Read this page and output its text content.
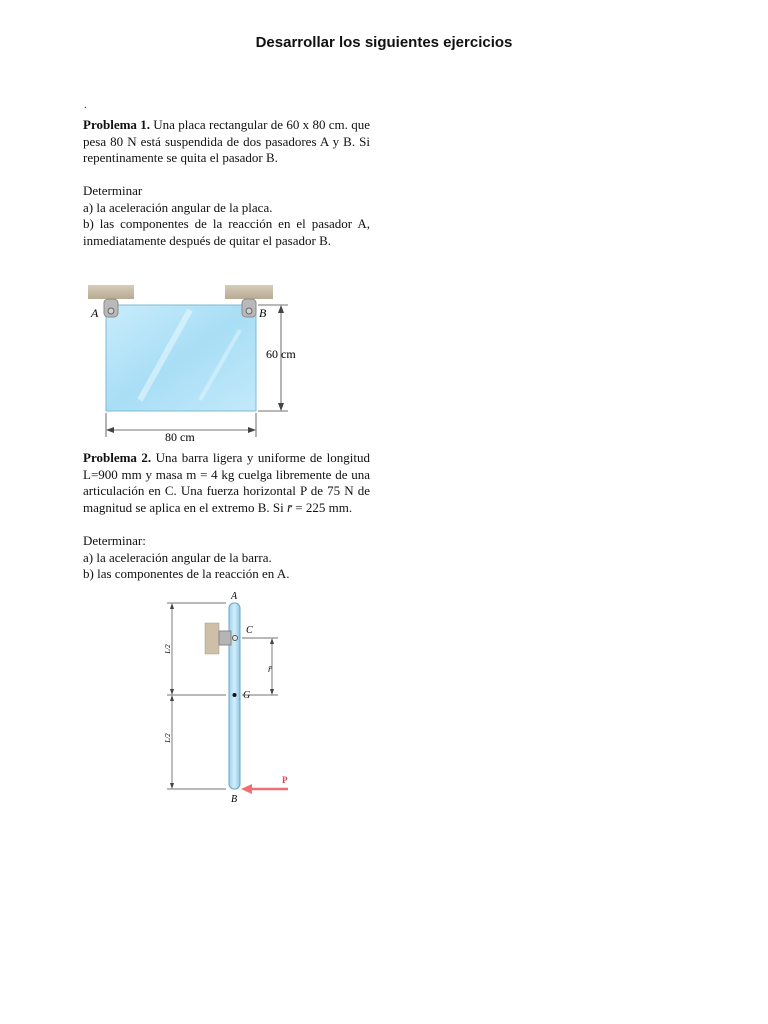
Desarrollar los siguientes ejercicios
.
Problema 1. Una placa rectangular de 60 x 80 cm. que pesa 80 N está suspendida de dos pasadores A y B. Si repentinamente se quita el pasador B.
Determinar
a) la aceleración angular de la placa.
b) las componentes de la reacción en el pasador A, inmediatamente después de quitar el pasador B.
A	B
60 cm
80 cm
Problema 2. Una barra ligera y uniforme de longitud L=900 mm y masa m = 4 kg cuelga libremente de una articulación en C. Una fuerza horizontal P de 75 N de magnitud se aplica en el extremo B. Si r̄ = 225 mm.
Determinar:
a) la aceleración angular de la barra.
b) las componentes de la reacción en A.
A
C
G
B
L/2
L/2
r̄
P
